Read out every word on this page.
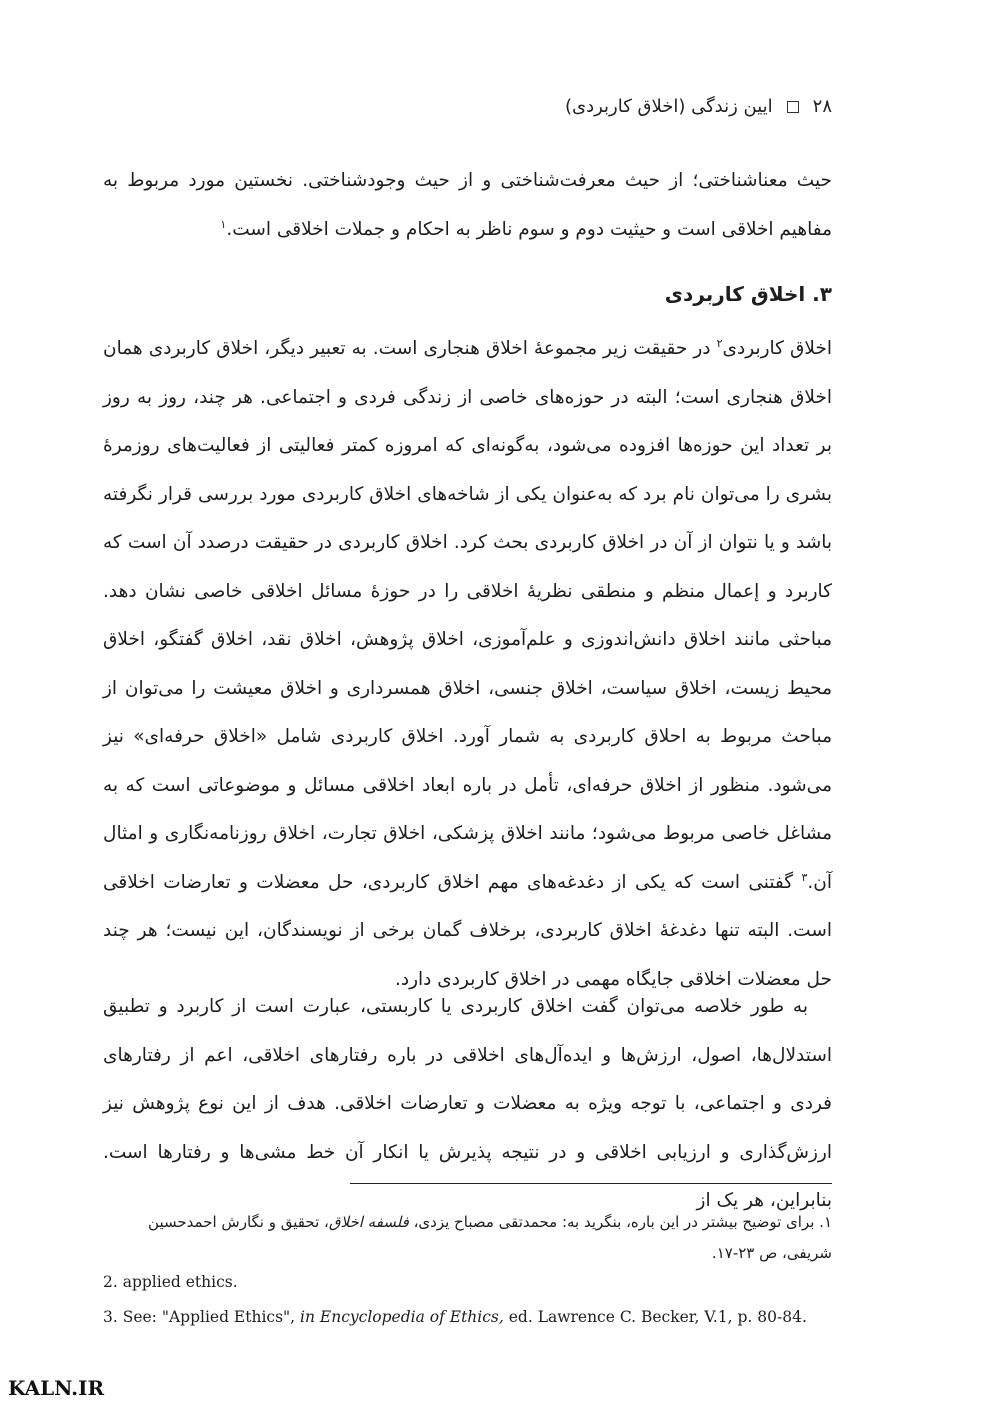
۲۸
ایین زندگی (اخلاق کاربردی)

حیث معناشناختی؛ از حیث معرفت‌شناختی و از حیث وجودشناختی. نخستین مورد مربوط به مفاهیم اخلاقی است و حیثیت دوم و سوم ناظر به احکام و جملات اخلاقی است.$^۱$

۳. اخلاق کاربردی

اخلاق کاربردی$^۲$ در حقیقت زیر مجموعهٔ اخلاق هنجاری است. به تعبیر دیگر، اخلاق کاربردی همان اخلاق هنجاری است؛ البته در حوزه‌های خاصی از زندگی فردی و اجتماعی. هر چند، روز به روز بر تعداد این حوزه‌ها افزوده می‌شود، به‌گونه‌ای که امروزه کمتر فعالیتی از فعالیت‌های روزمرهٔ بشری را می‌توان نام برد که به‌عنوان یکی از شاخه‌های اخلاق کاربردی مورد بررسی قرار نگرفته باشد و یا نتوان از آن در اخلاق کاربردی بحث کرد. اخلاق کاربردی در حقیقت درصدد آن است که کاربرد و إعمال منظم و منطقی نظریهٔ اخلاقی را در حوزهٔ مسائل اخلاقی خاصی نشان دهد. مباحثی مانند اخلاق دانش‌اندوزی و علم‌آموزی، اخلاق پژوهش، اخلاق نقد، اخلاق گفتگو، اخلاق محیط زیست، اخلاق سیاست، اخلاق جنسی، اخلاق همسرداری و اخلاق معیشت را می‌توان از مباحث مربوط به احلاق کاربردی به شمار آورد. اخلاق کاربردی شامل «اخلاق حرفه‌ای» نیز می‌شود. منظور از اخلاق حرفه‌ای، تأمل در باره ابعاد اخلاقی مسائل و موضوعاتی است که به مشاغل خاصی مربوط می‌شود؛ مانند اخلاق پزشکی، اخلاق تجارت، اخلاق روزنامه‌نگاری و امثال آن.$^۳$ گفتنی است که یکی از دغدغه‌های مهم اخلاق کاربردی، حل معضلات و تعارضات اخلاقی است. البته تنها دغدغهٔ اخلاق کاربردی، برخلاف گمان برخی از نویسندگان، این نیست؛ هر چند حل معضلات اخلاقی جایگاه مهمی در اخلاق کاربردی دارد.

به طور خلاصه می‌توان گفت اخلاق کاربردی یا کاربستی، عبارت است از کاربرد و تطبیق استدلال‌ها، اصول، ارزش‌ها و ایده‌آل‌های اخلاقی در باره رفتارهای اخلاقی، اعم از رفتارهای فردی و اجتماعی، با توجه ویژه به معضلات و تعارضات اخلاقی. هدف از این نوع پژوهش نیز ارزش‌گذاری و ارزیابی اخلاقی و در نتیجه پذیرش یا انکار آن خط مشی‌ها و رفتارها است. بنابراین، هر یک از

۱. برای توضیح بیشتر در این باره، بنگرید به: محمدتقی مصباح یزدی، فلسفه اخلاق، تحقیق و نگارش احمدحسین شریفی، ص ۲۳-۱۷.
2. applied ethics.
3. See: "Applied Ethics", in Encyclopedia of Ethics, ed. Lawrence C. Becker, V.1, p. 80-84.
KALN.IR
